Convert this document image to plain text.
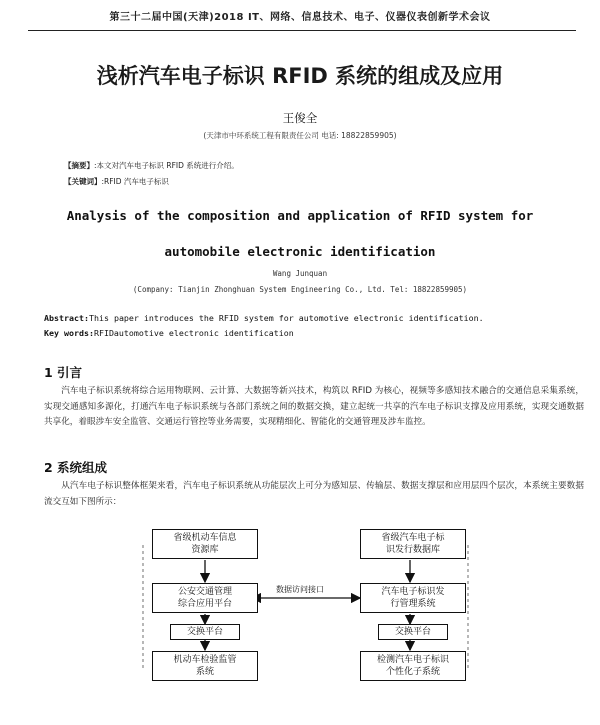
第三十二届中国(天津)2018 IT、网络、信息技术、电子、仪器仪表创新学术会议
浅析汽车电子标识 RFID 系统的组成及应用
王俊全
(天津市中环系统工程有限责任公司 电话: 18822859905)
【摘要】:本文对汽车电子标识 RFID 系统进行介绍。
【关键词】:RFID 汽车电子标识
Analysis of the composition and application of RFID system for
automobile electronic identification
Wang Junquan
(Company: Tianjin Zhonghuan System Engineering Co., Ltd. Tel: 18822859905)
Abstract:This paper introduces the RFID system for automotive electronic identification.
Key words:RFIDautomotive electronic identification
1 引言
汽车电子标识系统将综合运用物联网、云计算、大数据等新兴技术，构筑以 RFID 为核心，视频等多感知技术融合的交通信息采集系统，实现交通感知多源化，打通汽车电子标识系统与各部门系统之间的数据交换，建立起统一共享的汽车电子标识支撑及应用系统，实现交通数据共享化，着眼涉车安全监管、交通运行管控等业务需要，实现精细化、智能化的交通管理及涉车监控。
2 系统组成
从汽车电子标识整体框架来看，汽车电子标识系统从功能层次上可分为感知层、传输层、数据支撑层和应用层四个层次，本系统主要数据流交互如下图所示：
省级机动车信息
资源库
公安交通管理
综合应用平台
交换平台
机动车检验监管
系统
省级汽车电子标
识发行数据库
汽车电子标识发
行管理系统
交换平台
检测汽车电子标识
个性化子系统
数据访问接口
